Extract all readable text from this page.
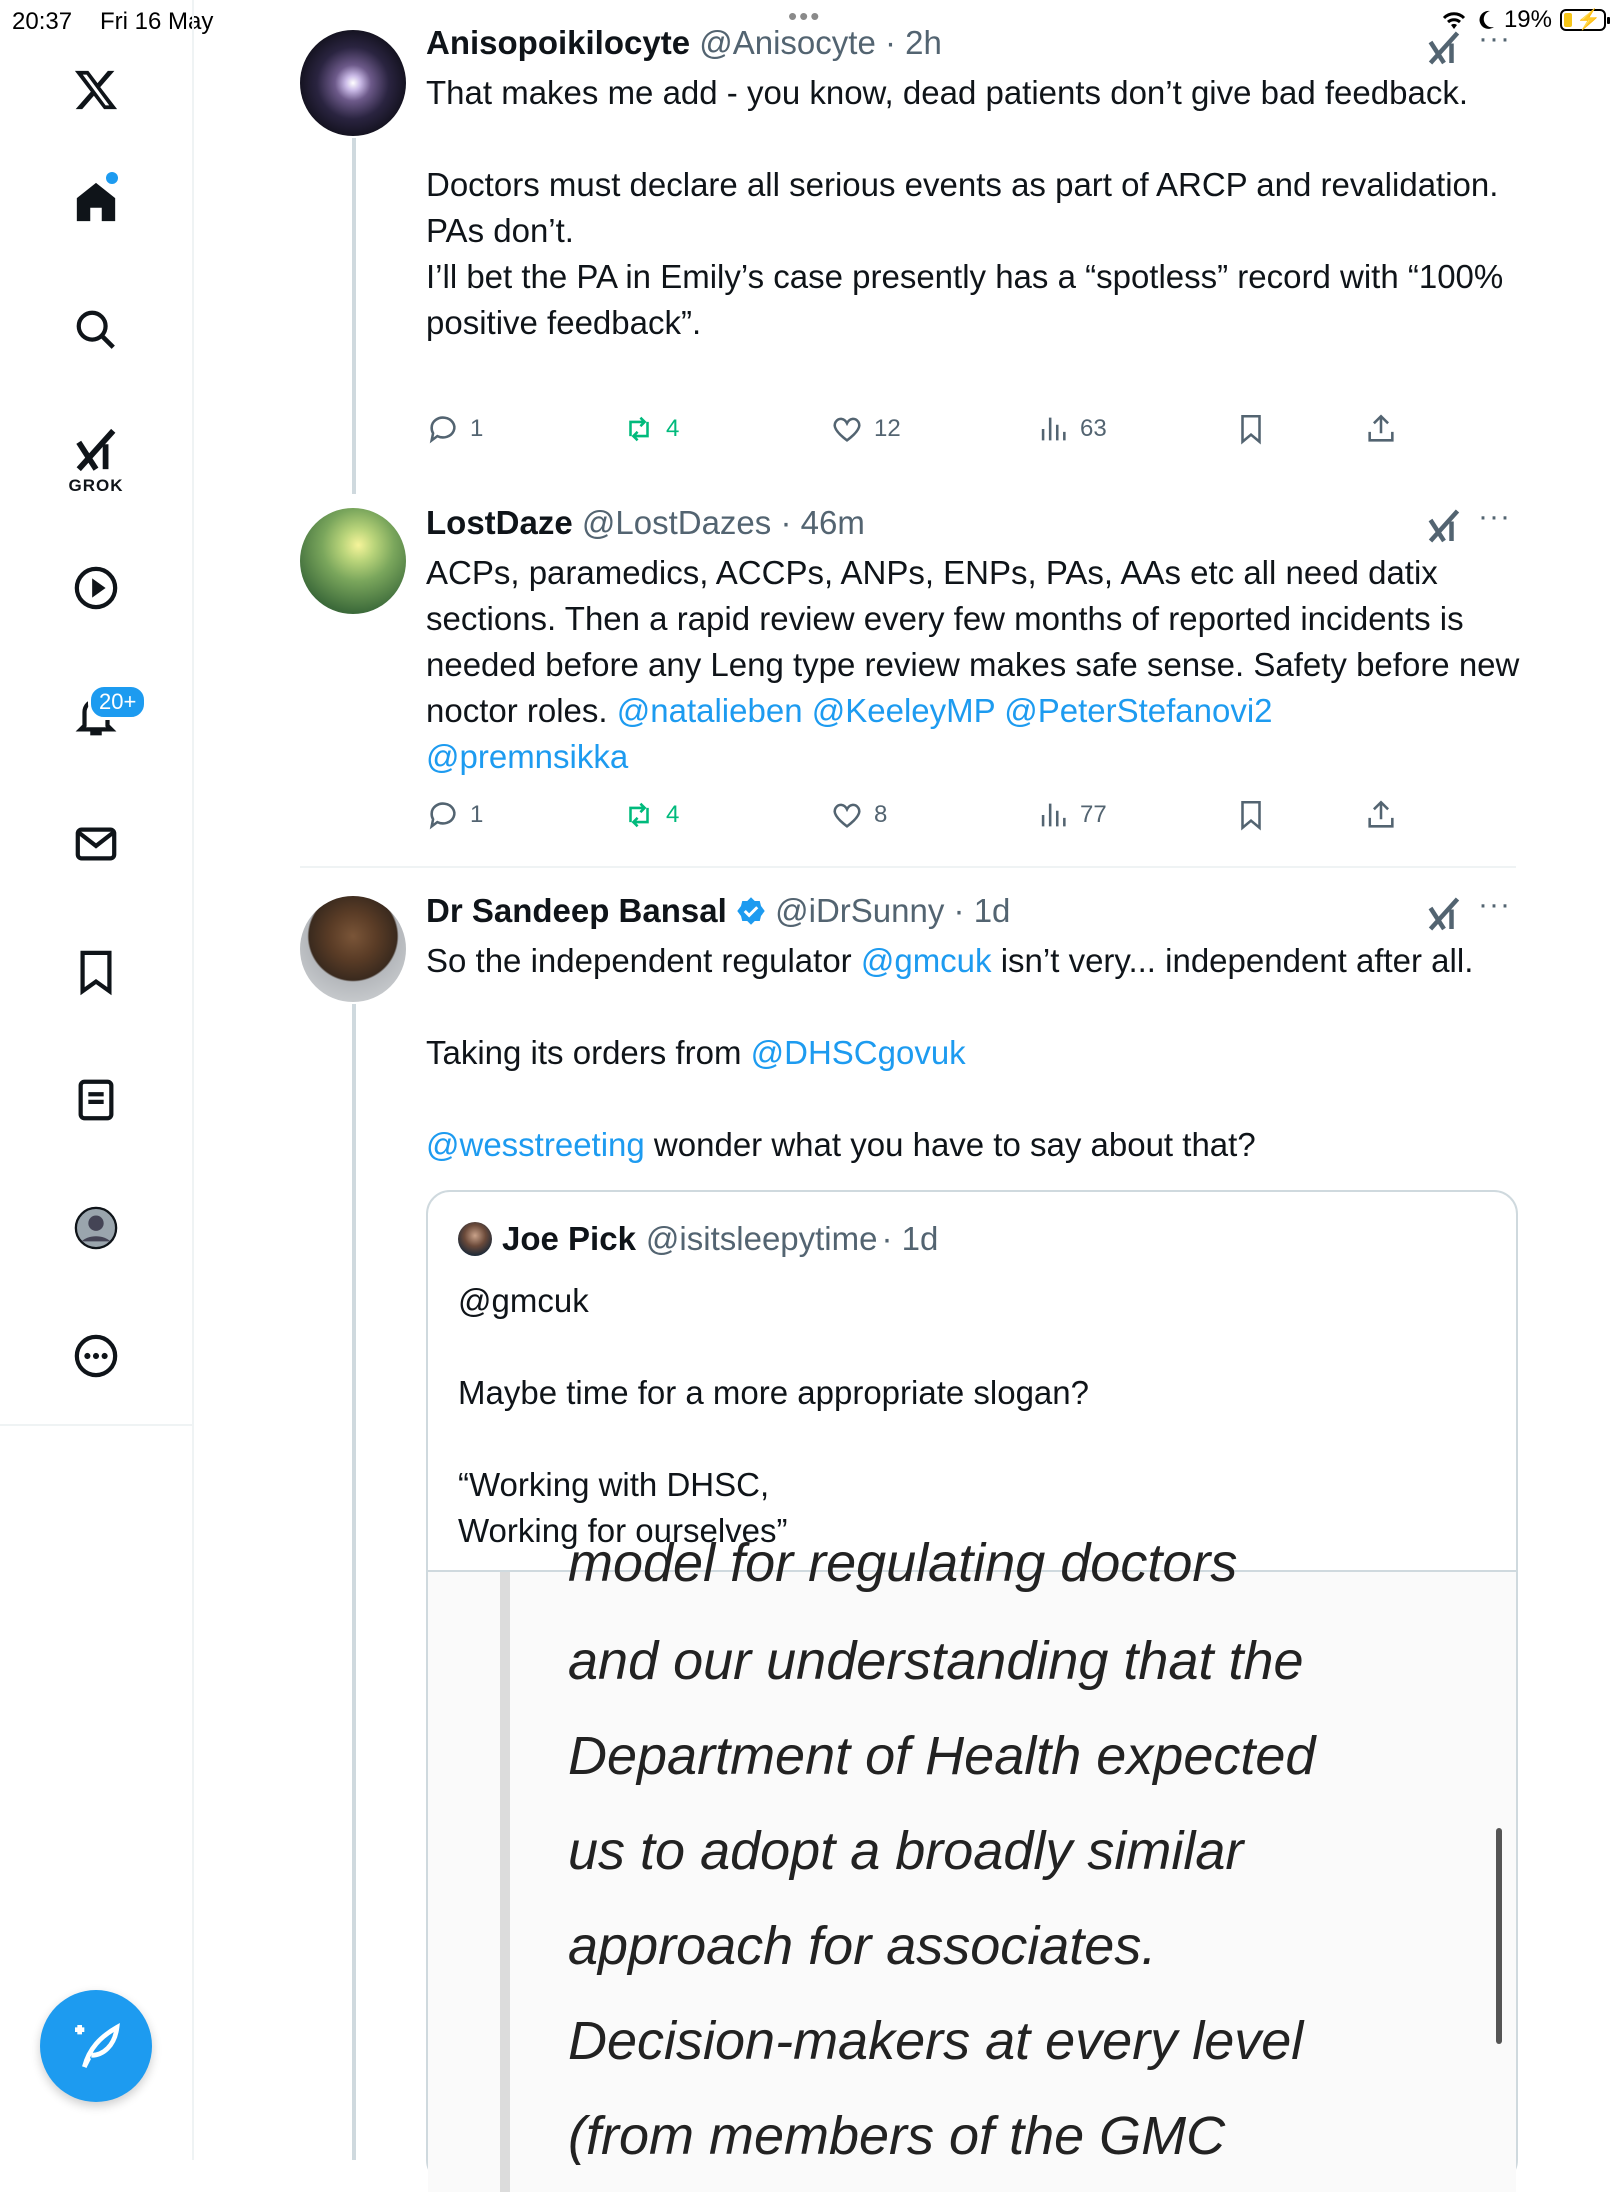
20:37 Fri 16 May	•••	19% ⚡
GROK
20+
Anisopoikilocyte @Anisocyte · 2h	···
That makes me add - you know, dead patients don’t give bad feedback.

Doctors must declare all serious events as part of ARCP and revalidation. PAs don’t.
I’ll bet the PA in Emily’s case presently has a “spotless” record with “100% positive feedback”.
1	4	12	63
LostDaze @LostDazes · 46m	···
ACPs, paramedics, ACCPs, ANPs, ENPs, PAs, AAs etc all need datix sections. Then a rapid review every few months of reported incidents is needed before any Leng type review makes safe sense. Safety before new noctor roles. @natalieben @KeeleyMP @PeterStefanovi2
@premnsikka
1	4	8	77
Dr Sandeep Bansal @iDrSunny · 1d	···
So the independent regulator @gmcuk isn’t very... independent after all.
Taking its orders from @DHSCgovuk
@wesstreeting wonder what you have to say about that?
Joe Pick @isitsleepytime · 1d
@gmcuk

Maybe time for a more appropriate slogan?

“Working with DHSC,
Working for ourselves”
model for regulating doctors
and our understanding that the
Department of Health expected
us to adopt a broadly similar
approach for associates.
Decision-makers at every level
(from members of the GMC
